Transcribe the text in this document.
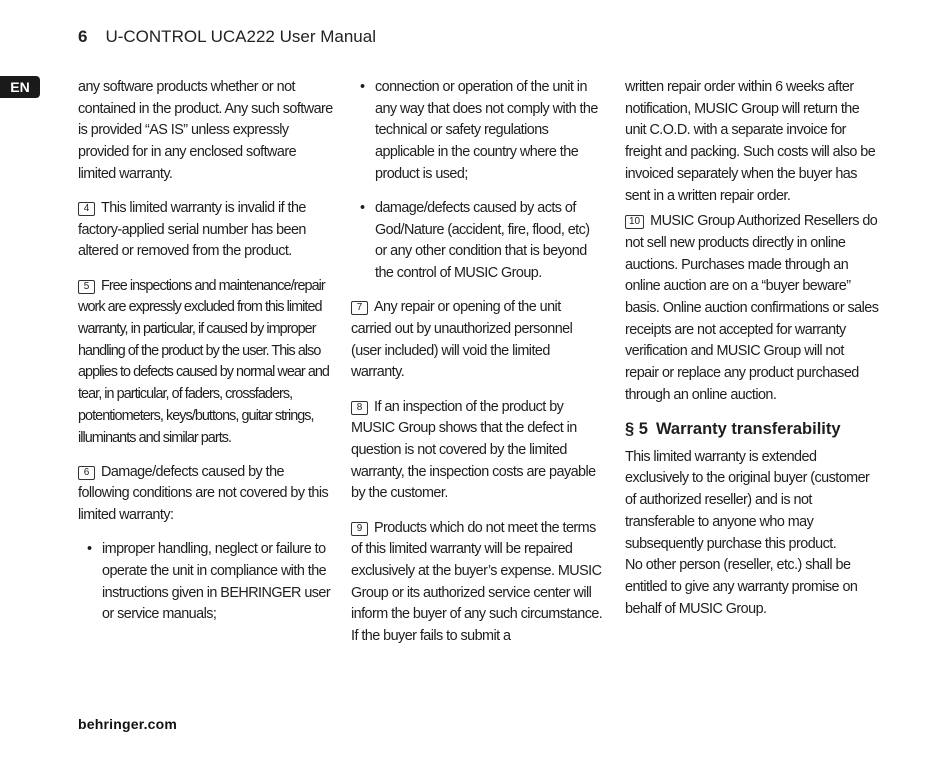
6 U-CONTROL UCA222 User Manual
EN	any software products whether or not contained in the product. Any such software is provided “AS IS” unless expressly provided for in any enclosed software limited warranty.

4 This limited warranty is invalid if the factory-applied serial number has been altered or removed from the product.

5 Free inspections and maintenance/repair work are expressly excluded from this limited warranty, in particular, if caused by improper handling of the product by the user. This also applies to defects caused by normal wear and tear, in particular, of faders, crossfaders, potentiometers, keys/buttons, guitar strings, illuminants and similar parts.

6 Damage/defects caused by the following conditions are not covered by this limited warranty:

• improper handling, neglect or failure to operate the unit in compliance with the instructions given in BEHRINGER user or service manuals;
• connection or operation of the unit in any way that does not comply with the technical or safety regulations applicable in the country where the product is used;
• damage/defects caused by acts of God/Nature (accident, fire, flood, etc) or any other condition that is beyond the control of MUSIC Group.

7 Any repair or opening of the unit carried out by unauthorized personnel (user included) will void the limited warranty.

8 If an inspection of the product by MUSIC Group shows that the defect in question is not covered by the limited warranty, the inspection costs are payable by the customer.

9 Products which do not meet the terms of this limited warranty will be repaired exclusively at the buyer’s expense. MUSIC Group or its authorized service center will inform the buyer of any such circumstance. If the buyer fails to submit a

written repair order within 6 weeks after notification, MUSIC Group will return the unit C.O.D. with a separate invoice for freight and packing. Such costs will also be invoiced separately when the buyer has sent in a written repair order.

10 MUSIC Group Authorized Resellers do not sell new products directly in online auctions. Purchases made through an online auction are on a “buyer beware” basis. Online auction confirmations or sales receipts are not accepted for warranty verification and MUSIC Group will not repair or replace any product purchased through an online auction.

§ 5 Warranty transferability

This limited warranty is extended exclusively to the original buyer (customer of authorized reseller) and is not transferable to anyone who may subsequently purchase this product.

No other person (reseller, etc.) shall be entitled to give any warranty promise on behalf of MUSIC Group.

behringer.com
